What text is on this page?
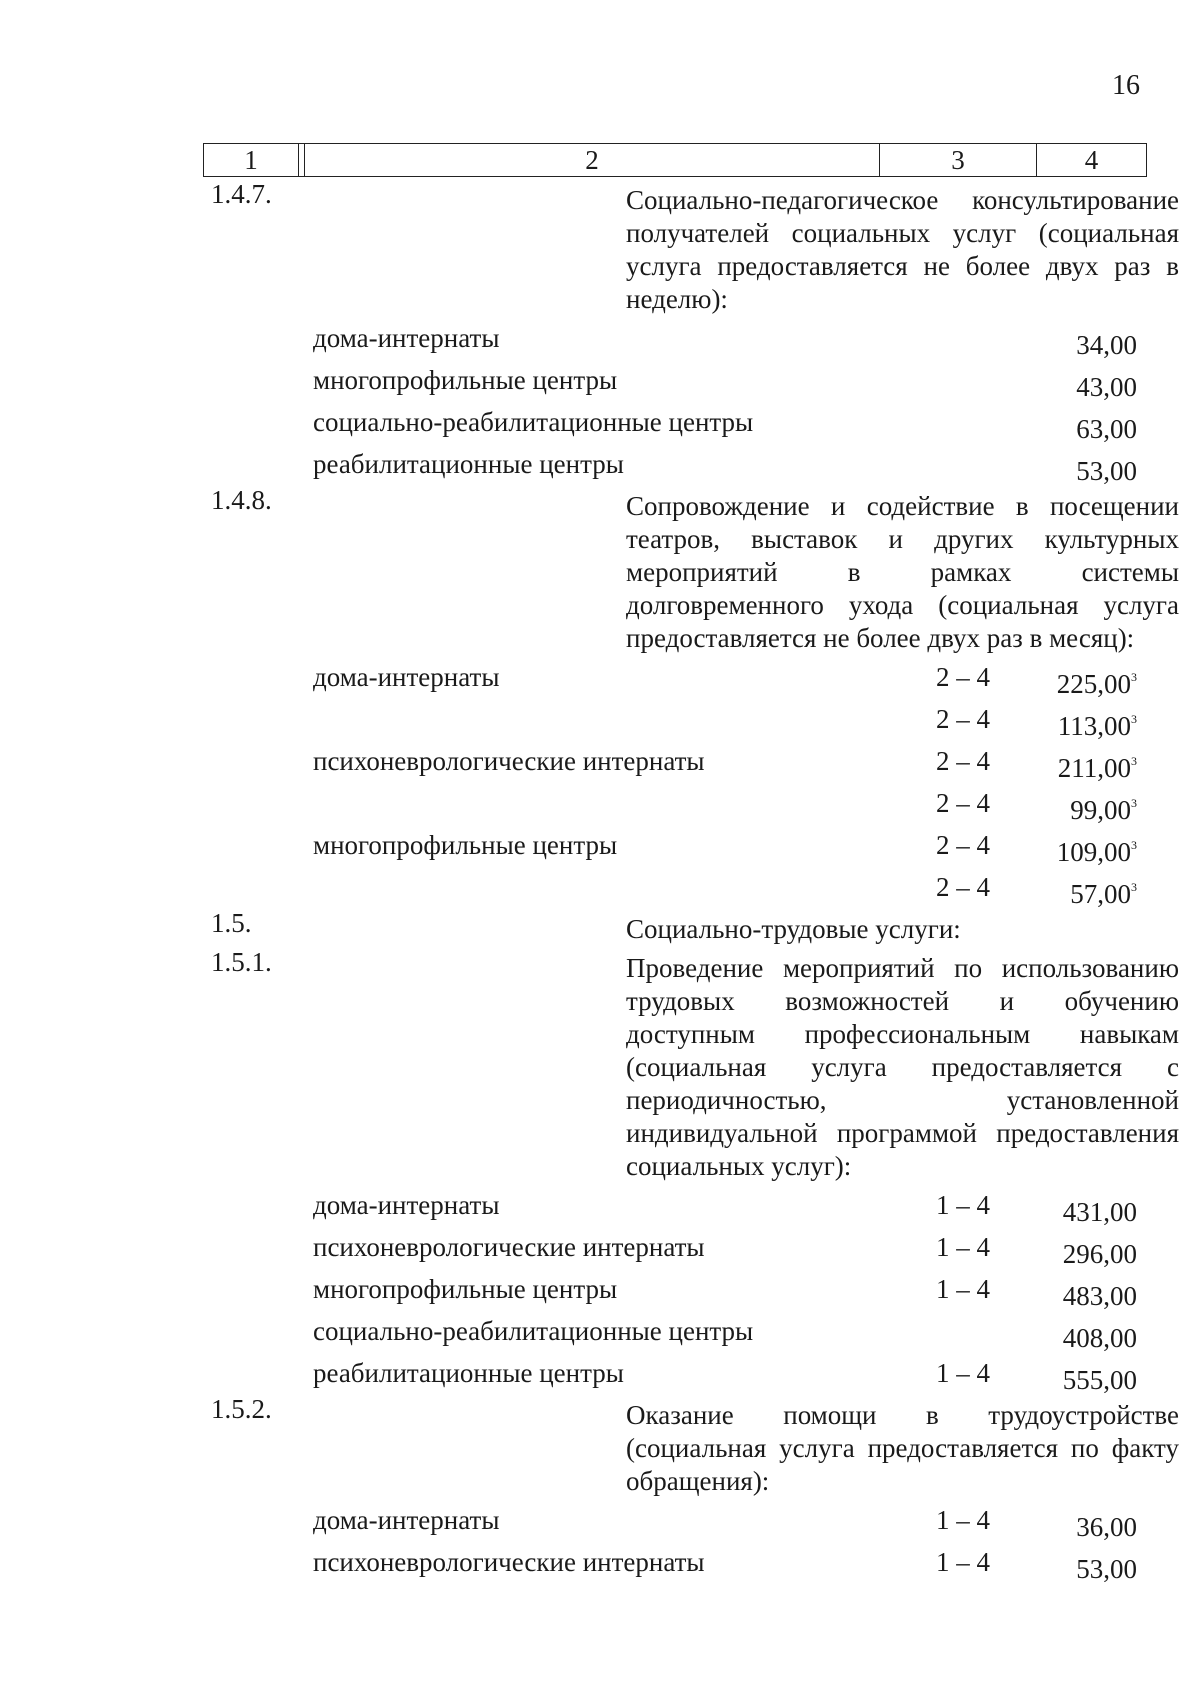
16
1	2	3	4
1.4.7.	Социально-педагогическое консультирование получателей социальных услуг (социальная услуга предоставляется не более двух раз в неделю):
дома-интернаты	34,00
многопрофильные центры	43,00
социально-реабилитационные центры	63,00
реабилитационные центры	53,00
1.4.8.	Сопровождение и содействие в посещении театров, выставок и других культурных мероприятий в рамках системы долговременного ухода (социальная услуга предоставляется не более двух раз в месяц):
дома-интернаты	2 – 4	225,00$^3$
2 – 4	113,00$^3$
психоневрологические интернаты	2 – 4	211,00$^3$
2 – 4	99,00$^3$
многопрофильные центры	2 – 4	109,00$^3$
2 – 4	57,00$^3$
1.5.	Социально-трудовые услуги:
1.5.1.	Проведение мероприятий по использованию трудовых возможностей и обучению доступным профессиональным навыкам (социальная услуга предоставляется с периодичностью, установленной индивидуальной программой предоставления социальных услуг):
дома-интернаты	1 – 4	431,00
психоневрологические интернаты	1 – 4	296,00
многопрофильные центры	1 – 4	483,00
социально-реабилитационные центры	408,00
реабилитационные центры	1 – 4	555,00
1.5.2.	Оказание помощи в трудоустройстве (социальная услуга предоставляется по факту обращения):
дома-интернаты	1 – 4	36,00
психоневрологические интернаты	1 – 4	53,00
